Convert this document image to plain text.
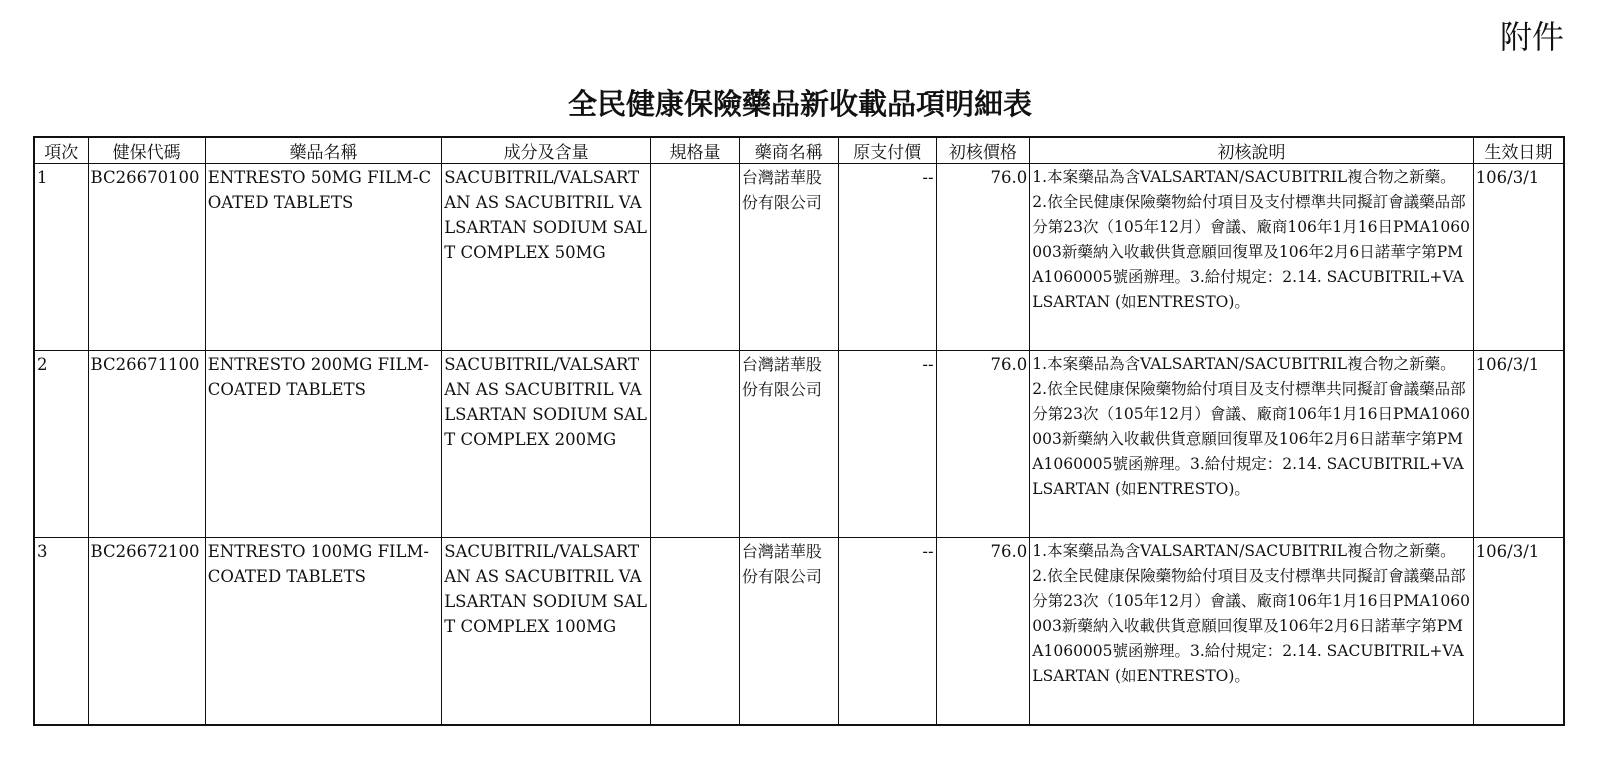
附件
全民健康保險藥品新收載品項明細表
項次	健保代碼	藥品名稱	成分及含量	規格量	藥商名稱	原支付價	初核價格	初核說明	生效日期
1	BC26670100	ENTRESTO 50MG FILM-COATED TABLETS	SACUBITRIL/VALSARTAN AS SACUBITRIL VALSARTAN SODIUM SALT COMPLEX 50MG		台灣諾華股份有限公司	--	76.0	1.本案藥品為含VALSARTAN/SACUBITRIL複合物之新藥。 2.依全民健康保險藥物給付項目及支付標準共同擬訂會議藥品部分第23次（105年12月）會議、廠商106年1月16日PMA1060003新藥納入收載供貨意願回復單及106年2月6日諾華字第PMA1060005號函辦理。3.給付規定：2.14. SACUBITRIL+VALSARTAN (如ENTRESTO)。	106/3/1
2	BC26671100	ENTRESTO 200MG FILM-COATED TABLETS	SACUBITRIL/VALSARTAN AS SACUBITRIL VALSARTAN SODIUM SALT COMPLEX 200MG		台灣諾華股份有限公司	--	76.0	1.本案藥品為含VALSARTAN/SACUBITRIL複合物之新藥。 2.依全民健康保險藥物給付項目及支付標準共同擬訂會議藥品部分第23次（105年12月）會議、廠商106年1月16日PMA1060003新藥納入收載供貨意願回復單及106年2月6日諾華字第PMA1060005號函辦理。3.給付規定：2.14. SACUBITRIL+VALSARTAN (如ENTRESTO)。	106/3/1
3	BC26672100	ENTRESTO 100MG FILM-COATED TABLETS	SACUBITRIL/VALSARTAN AS SACUBITRIL VALSARTAN SODIUM SALT COMPLEX 100MG		台灣諾華股份有限公司	--	76.0	1.本案藥品為含VALSARTAN/SACUBITRIL複合物之新藥。 2.依全民健康保險藥物給付項目及支付標準共同擬訂會議藥品部分第23次（105年12月）會議、廠商106年1月16日PMA1060003新藥納入收載供貨意願回復單及106年2月6日諾華字第PMA1060005號函辦理。3.給付規定：2.14. SACUBITRIL+VALSARTAN (如ENTRESTO)。	106/3/1
